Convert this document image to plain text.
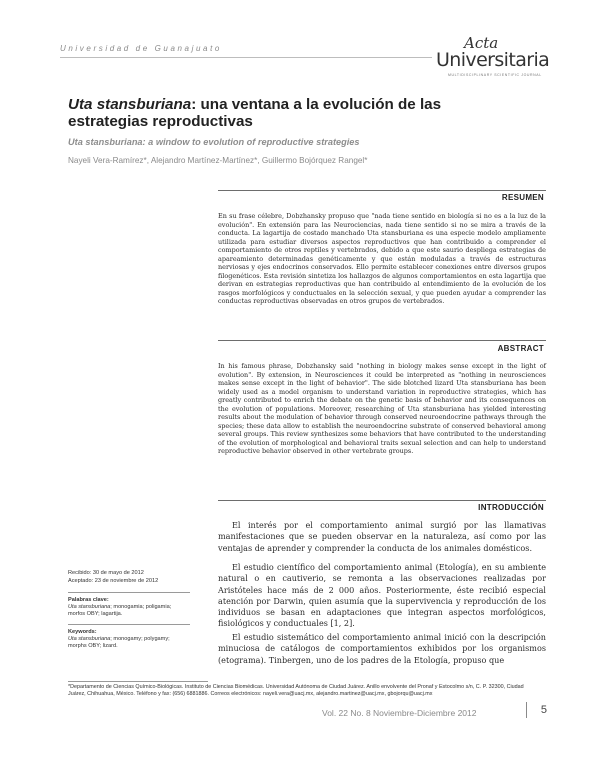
Universidad de Guanajuato	Acta
Universitaria
MULTIDISCIPLINARY SCIENTIFIC JOURNAL
Uta stansburiana: una ventana a la evolución de las estrategias reproductivas
Uta stansburiana: a window to evolution of reproductive strategies
Nayeli Vera-Ramírez*, Alejandro Martínez-Martínez*, Guillermo Bojórquez Rangel*
RESUMEN
En su frase célebre, Dobzhansky propuso que "nada tiene sentido en biología si no es a la luz de la evolución". En extensión para las Neurociencias, nada tiene sentido si no se mira a través de la conducta. La lagartija de costado manchado Uta stansburiana es una especie modelo ampliamente utilizada para estudiar diversos aspectos reproductivos que han contribuido a comprender el comportamiento de otros reptiles y vertebrados, debido a que este saurio despliega estrategias de apareamiento determinadas genéticamente y que están moduladas a través de estructuras nerviosas y ejes endocrinos conservados. Ello permite establecer conexiones entre diversos grupos filogenéticos. Esta revisión sintetiza los hallazgos de algunos comportamientos en esta lagartija que derivan en estrategias reproductivas que han contribuido al entendimiento de la evolución de los rasgos morfológicos y conductuales en la selección sexual, y que pueden ayudar a comprender las conductas reproductivas observadas en otros grupos de vertebrados.
ABSTRACT
In his famous phrase, Dobzhansky said "nothing in biology makes sense except in the light of evolution". By extension, in Neurosciences it could be interpreted as "nothing in neurosciences makes sense except in the light of behavior". The side blotched lizard Uta stansburiana has been widely used as a model organism to understand variation in reproductive strategies, which has greatly contributed to enrich the debate on the genetic basis of behavior and its consequences on the evolution of populations. Moreover, researching of Uta stansburiana has yielded interesting results about the modulation of behavior through conserved neuroendocrine pathways through the species; these data allow to establish the neuroendocrine substrate of conserved behavioral among several groups. This review synthesizes some behaviors that have contributed to the understanding of the evolution of morphological and behavioral traits sexual selection and can help to understand reproductive behavior observed in other vertebrate groups.
INTRODUCCIÓN
El interés por el comportamiento animal surgió por las llamativas manifestaciones que se pueden observar en la naturaleza, así como por las ventajas de aprender y comprender la conducta de los animales domésticos.
El estudio científico del comportamiento animal (Etología), en su ambiente natural o en cautiverio, se remonta a las observaciones realizadas por Aristóteles hace más de 2 000 años. Posteriormente, éste recibió especial atención por Darwin, quien asumía que la supervivencia y reproducción de los individuos se basan en adaptaciones que integran aspectos morfológicos, fisiológicos y conductuales [1, 2].
El estudio sistemático del comportamiento animal inició con la descripción minuciosa de catálogos de comportamientos exhibidos por los organismos (etograma). Tinbergen, uno de los padres de la Etología, propuso que
Recibido: 30 de mayo de 2012
Aceptado: 23 de noviembre de 2012
Palabras clave:
Uta stansburiana; monogamia; poligamia; morfos OBY; lagartija.
Keywords:
Uta stansburiana; monogamy; polygamy; morphs OBY; lizard.
*Departamento de Ciencias Químico-Biológicas. Instituto de Ciencias Biomédicas. Universidad Autónoma de Ciudad Juárez. Anillo envolvente del Pronaf y Estocolmo s/n, C. P. 32300, Ciudad Juárez, Chihuahua, México. Teléfono y fax: (656) 6881886. Correos electrónicos: nayeli.vera@uacj.mx, alejandro.martinez@uacj.mx, gbojorqu@uacj.mx
Vol. 22 No. 8 Noviembre-Diciembre 2012	5
